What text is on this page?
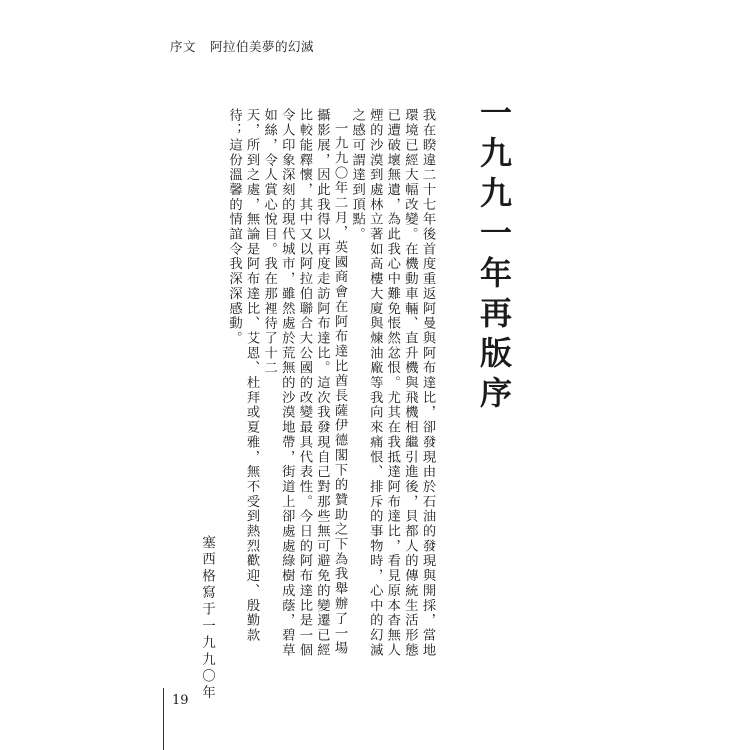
序文 阿拉伯美夢的幻滅
一九九一年再版序

我在睽違二十七年後首度重返阿曼與阿布達比，卻發現由於石油的發現與開採，當地環境已經大幅改變。在機動車輛、直升機與飛機相繼引進後，貝都人的傳統生活形態已遭破壞無遺，為此我心中難免悵然忿恨。尤其在我抵達阿布達比，看見原本杳無人煙的沙漠到處林立著如高樓大廈與煉油廠等我向來痛恨、排斥的事物時，心中的幻滅之感可謂達到頂點。

一九九〇年二月，英國商會在阿布達比酋長薩伊德閣下的贊助之下為我舉辦了一場攝影展，因此我得以再度走訪阿布達比。這次我發現自己對那些無可避免的變遷已經比較能釋懷，其中又以阿拉伯聯合大公國的改變最具代表性。今日的阿布達比是一個令人印象深刻的現代城市，雖然處於荒無的沙漠地帶，街道上卻處處綠樹成蔭，碧草如絲，令人賞心悅目。我在那裡待了十二

天，所到之處，無論是阿布達比、艾恩、杜拜或夏雅，無不受到熱烈歡迎、殷勤款待；這份溫馨的情誼令我深深感動。

塞西格寫于一九九〇年
19
